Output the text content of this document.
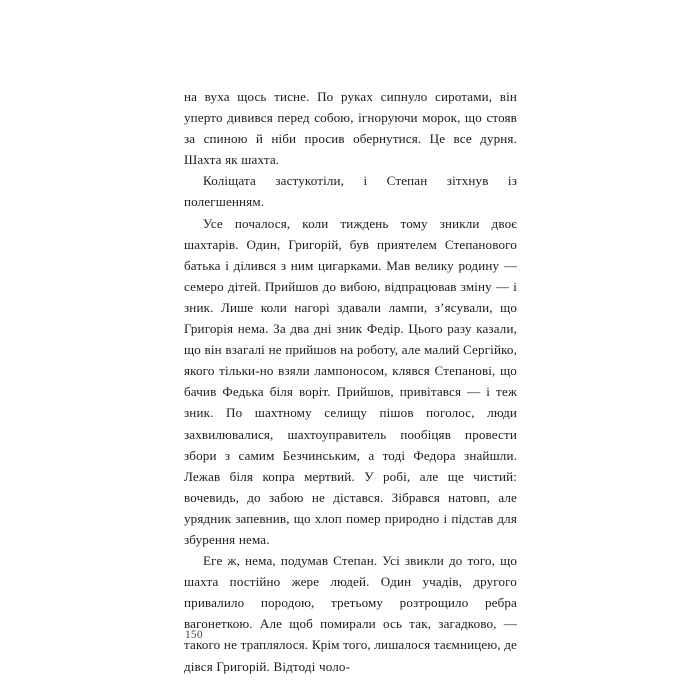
на вуха щось тисне. По руках сипнуло сиротами, він уперто дивився перед собою, ігноруючи морок, що стояв за спиною й ніби просив обернутися. Це все дурня. Шахта як шахта.

Коліщата застукотіли, і Степан зітхнув із полегшенням.

Усе почалося, коли тиждень тому зникли двоє шахтарів. Один, Григорій, був приятелем Степанового батька і ділився з ним цигарками. Мав велику родину — семеро дітей. Прийшов до вибою, відпрацював зміну — і зник. Лише коли нагорі здавали лампи, з’ясували, що Григорія нема. За два дні зник Федір. Цього разу казали, що він взагалі не прийшов на роботу, але малий Сергійко, якого тільки-но взяли лампоносом, клявся Степанові, що бачив Федька біля воріт. Прийшов, привітався — і теж зник. По шахтному селищу пішов поголос, люди захвилювалися, шахтоуправитель пообіцяв провести збори з самим Безчинським, а тоді Федора знайшли. Лежав біля копра мертвий. У робі, але ще чистий: вочевидь, до забою не дістався. Зібрався натовп, але урядник запевнив, що хлоп помер природно і підстав для збурення нема.

Еге ж, нема, подумав Степан. Усі звикли до того, що шахта постійно жере людей. Один учадів, другого привалило породою, третьому розтрощило ребра вагонеткою. Але щоб помирали ось так, загадково, — такого не траплялося. Крім того, лишалося таємницею, де дівся Григорій. Відтоді чоло-

150
